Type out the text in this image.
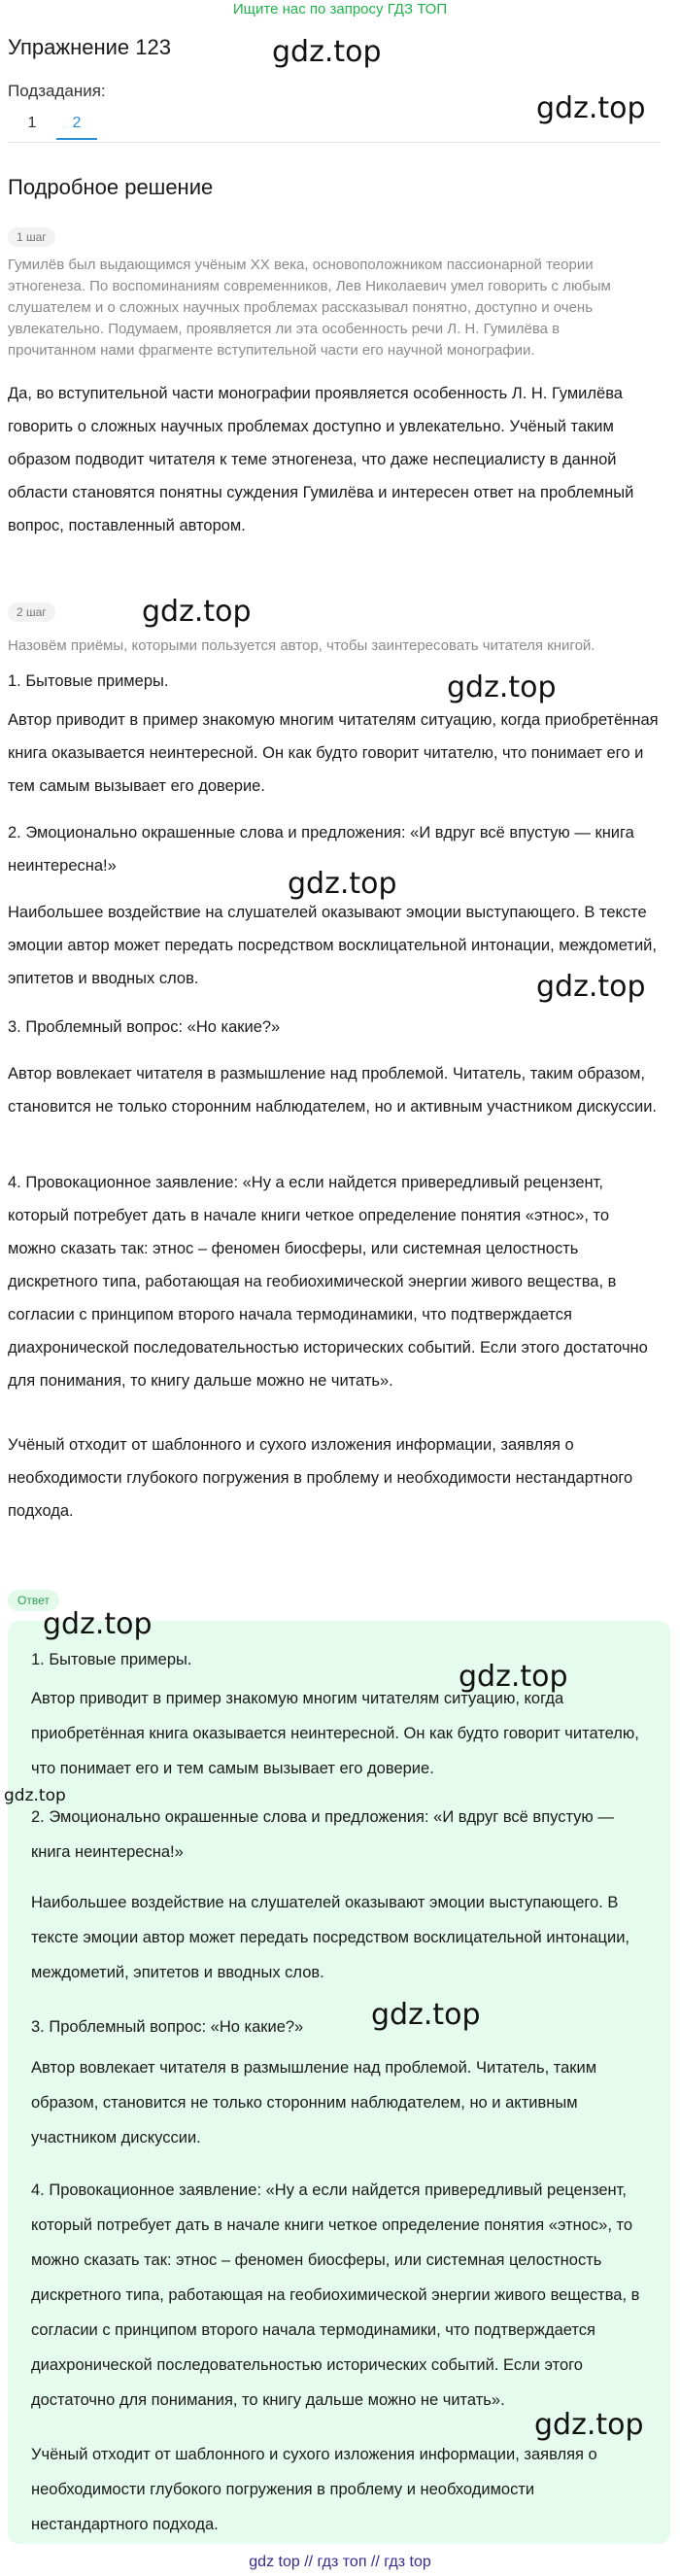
Ищите нас по запросу ГДЗ ТОП
Упражнение 123
Подзадания:
1	2
Подробное решение
1 шаг
Гумилёв был выдающимся учёным XX века, основоположником пассионарной теории этногенеза. По воспоминаниям современников, Лев Николаевич умел говорить с любым слушателем и о сложных научных проблемах рассказывал понятно, доступно и очень увлекательно. Подумаем, проявляется ли эта особенность речи Л. Н. Гумилёва в прочитанном нами фрагменте вступительной части его научной монографии.

Да, во вступительной части монографии проявляется особенность Л. Н. Гумилёва говорить о сложных научных проблемах доступно и увлекательно. Учёный таким образом подводит читателя к теме этногенеза, что даже неспециалисту в данной области становятся понятны суждения Гумилёва и интересен ответ на проблемный вопрос, поставленный автором.

2 шаг
Назовём приёмы, которыми пользуется автор, чтобы заинтересовать читателя книгой.

1. Бытовые примеры.

Автор приводит в пример знакомую многим читателям ситуацию, когда приобретённая книга оказывается неинтересной. Он как будто говорит читателю, что понимает его и тем самым вызывает его доверие.

2. Эмоционально окрашенные слова и предложения: «И вдруг всё впустую — книга неинтересна!»

Наибольшее воздействие на слушателей оказывают эмоции выступающего. В тексте эмоции автор может передать посредством восклицательной интонации, междометий, эпитетов и вводных слов.

3. Проблемный вопрос: «Но какие?»

Автор вовлекает читателя в размышление над проблемой. Читатель, таким образом, становится не только сторонним наблюдателем, но и активным участником дискуссии.

4. Провокационное заявление: «Ну а если найдется привередливый рецензент, который потребует дать в начале книги четкое определение понятия «этнос», то можно сказать так: этнос – феномен биосферы, или системная целостность дискретного типа, работающая на геобиохимической энергии живого вещества, в согласии с принципом второго начала термодинамики, что подтверждается диахронической последовательностью исторических событий. Если этого достаточно для понимания, то книгу дальше можно не читать».

Учёный отходит от шаблонного и сухого изложения информации, заявляя о необходимости глубокого погружения в проблему и необходимости нестандартного подхода.

Ответ

1. Бытовые примеры.

Автор приводит в пример знакомую многим читателям ситуацию, когда приобретённая книга оказывается неинтересной. Он как будто говорит читателю, что понимает его и тем самым вызывает его доверие.

2. Эмоционально окрашенные слова и предложения: «И вдруг всё впустую — книга неинтересна!»

Наибольшее воздействие на слушателей оказывают эмоции выступающего. В тексте эмоции автор может передать посредством восклицательной интонации, междометий, эпитетов и вводных слов.

3. Проблемный вопрос: «Но какие?»

Автор вовлекает читателя в размышление над проблемой. Читатель, таким образом, становится не только сторонним наблюдателем, но и активным участником дискуссии.

4. Провокационное заявление: «Ну а если найдется привередливый рецензент, который потребует дать в начале книги четкое определение понятия «этнос», то можно сказать так: этнос – феномен биосферы, или системная целостность дискретного типа, работающая на геобиохимической энергии живого вещества, в согласии с принципом второго начала термодинамики, что подтверждается диахронической последовательностью исторических событий. Если этого достаточно для понимания, то книгу дальше можно не читать».

Учёный отходит от шаблонного и сухого изложения информации, заявляя о необходимости глубокого погружения в проблему и необходимости нестандартного подхода.

gdz.top
gdz.top
gdz.top
gdz.top
gdz.top
gdz.top
gdz.top
gdz.top
gdz.top
gdz.top
gdz.top
gdz top // гдз топ // гдз top
